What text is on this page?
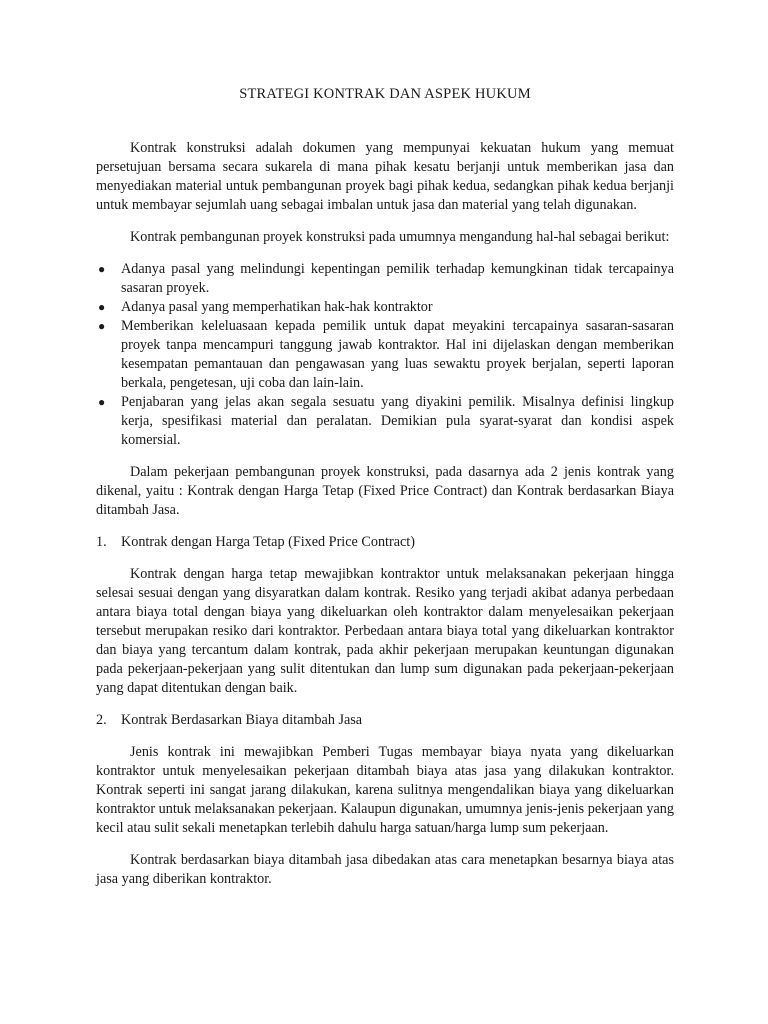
STRATEGI KONTRAK DAN ASPEK HUKUM

Kontrak konstruksi adalah dokumen yang mempunyai kekuatan hukum yang memuat persetujuan bersama secara sukarela di mana pihak kesatu berjanji untuk memberikan jasa dan menyediakan material untuk pembangunan proyek bagi pihak kedua, sedangkan pihak kedua berjanji untuk membayar sejumlah uang sebagai imbalan untuk jasa dan material yang telah digunakan.

Kontrak pembangunan proyek konstruksi pada umumnya mengandung hal-hal sebagai berikut:

● Adanya pasal yang melindungi kepentingan pemilik terhadap kemungkinan tidak tercapainya sasaran proyek.
● Adanya pasal yang memperhatikan hak-hak kontraktor
● Memberikan keleluasaan kepada pemilik untuk dapat meyakini tercapainya sasaran-sasaran proyek tanpa mencampuri tanggung jawab kontraktor. Hal ini dijelaskan dengan memberikan kesempatan pemantauan dan pengawasan yang luas sewaktu proyek berjalan, seperti laporan berkala, pengetesan, uji coba dan lain-lain.
● Penjabaran yang jelas akan segala sesuatu yang diyakini pemilik. Misalnya definisi lingkup kerja, spesifikasi material dan peralatan. Demikian pula syarat-syarat dan kondisi aspek komersial.

Dalam pekerjaan pembangunan proyek konstruksi, pada dasarnya ada 2 jenis kontrak yang dikenal, yaitu : Kontrak dengan Harga Tetap (Fixed Price Contract) dan Kontrak berdasarkan Biaya ditambah Jasa.

1.	Kontrak dengan Harga Tetap (Fixed Price Contract)

Kontrak dengan harga tetap mewajibkan kontraktor untuk melaksanakan pekerjaan hingga selesai sesuai dengan yang disyaratkan dalam kontrak. Resiko yang terjadi akibat adanya perbedaan antara biaya total dengan biaya yang dikeluarkan oleh kontraktor dalam menyelesaikan pekerjaan tersebut merupakan resiko dari kontraktor. Perbedaan antara biaya total yang dikeluarkan kontraktor dan biaya yang tercantum dalam kontrak, pada akhir pekerjaan merupakan keuntungan digunakan pada pekerjaan-pekerjaan yang sulit ditentukan dan lump sum digunakan pada pekerjaan-pekerjaan yang dapat ditentukan dengan baik.

2.	Kontrak Berdasarkan Biaya ditambah Jasa

Jenis kontrak ini mewajibkan Pemberi Tugas membayar biaya nyata yang dikeluarkan kontraktor untuk menyelesaikan pekerjaan ditambah biaya atas jasa yang dilakukan kontraktor. Kontrak seperti ini sangat jarang dilakukan, karena sulitnya mengendalikan biaya yang dikeluarkan kontraktor untuk melaksanakan pekerjaan. Kalaupun digunakan, umumnya jenis-jenis pekerjaan yang kecil atau sulit sekali menetapkan terlebih dahulu harga satuan/harga lump sum pekerjaan.

Kontrak berdasarkan biaya ditambah jasa dibedakan atas cara menetapkan besarnya biaya atas jasa yang diberikan kontraktor.
